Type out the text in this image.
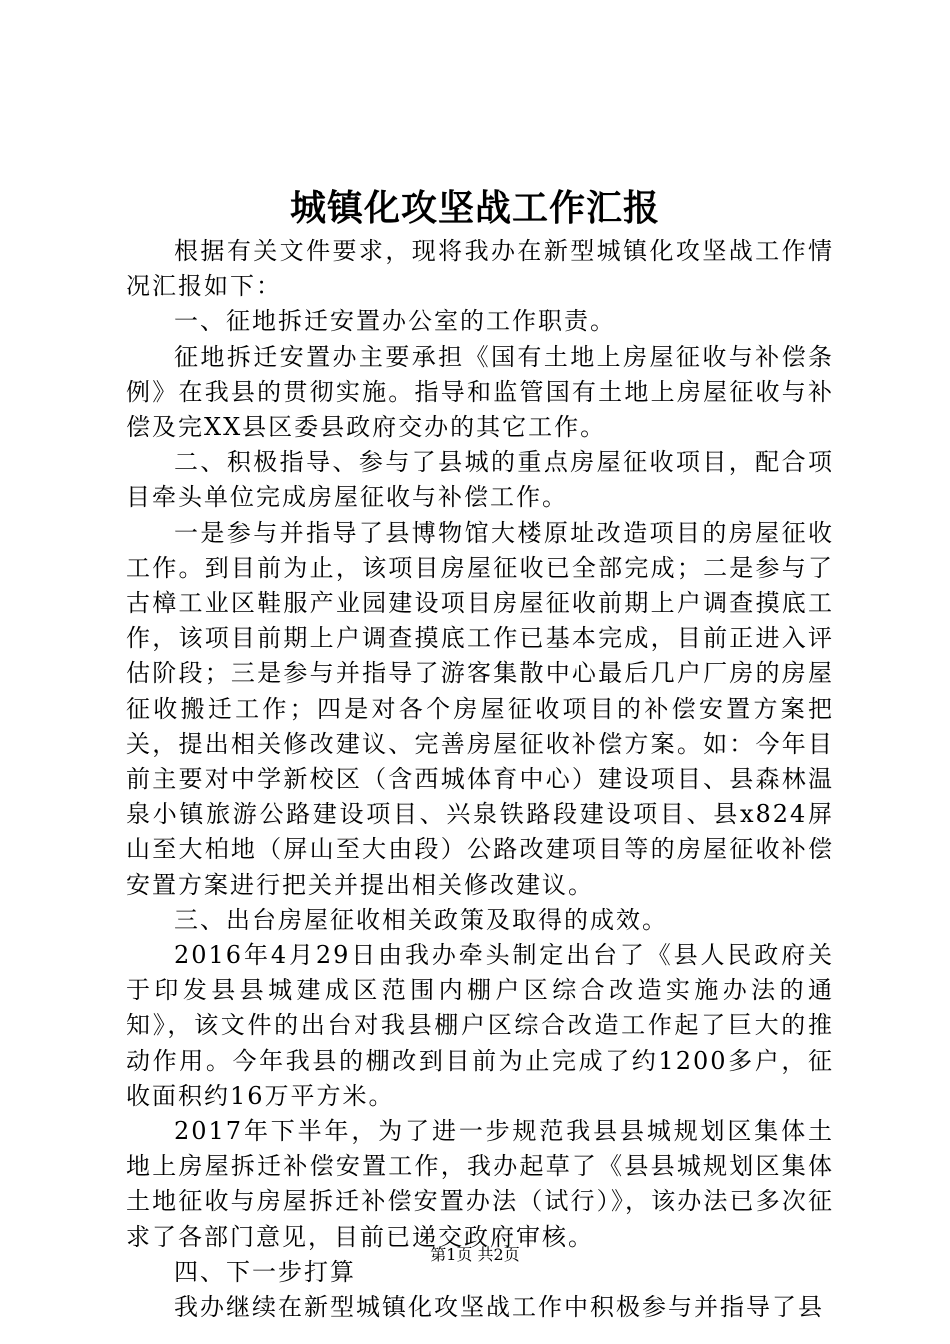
城镇化攻坚战工作汇报

根据有关文件要求，现将我办在新型城镇化攻坚战工作情况汇报如下：

一、征地拆迁安置办公室的工作职责。

征地拆迁安置办主要承担《国有土地上房屋征收与补偿条例》在我县的贯彻实施。指导和监管国有土地上房屋征收与补偿及完XX县区委县政府交办的其它工作。

二、积极指导、参与了县城的重点房屋征收项目，配合项目牵头单位完成房屋征收与补偿工作。

一是参与并指导了县博物馆大楼原址改造项目的房屋征收工作。到目前为止，该项目房屋征收已全部完成；二是参与了古樟工业区鞋服产业园建设项目房屋征收前期上户调查摸底工作，该项目前期上户调查摸底工作已基本完成，目前正进入评估阶段；三是参与并指导了游客集散中心最后几户厂房的房屋征收搬迁工作；四是对各个房屋征收项目的补偿安置方案把关，提出相关修改建议、完善房屋征收补偿方案。如：今年目前主要对中学新校区（含西城体育中心）建设项目、县森林温泉小镇旅游公路建设项目、兴泉铁路段建设项目、县x824屏山至大柏地（屏山至大由段）公路改建项目等的房屋征收补偿安置方案进行把关并提出相关修改建议。

三、出台房屋征收相关政策及取得的成效。

2016年4月29日由我办牵头制定出台了《县人民政府关于印发县县城建成区范围内棚户区综合改造实施办法的通知》，该文件的出台对我县棚户区综合改造工作起了巨大的推动作用。今年我县的棚改到目前为止完成了约1200多户，征收面积约16万平方米。

2017年下半年，为了进一步规范我县县城规划区集体土地上房屋拆迁补偿安置工作，我办起草了《县县城规划区集体土地征收与房屋拆迁补偿安置办法（试行）》，该办法已多次征求了各部门意见，目前已递交政府审核。

四、下一步打算

我办继续在新型城镇化攻坚战工作中积极参与并指导了县

第1页 共2页
